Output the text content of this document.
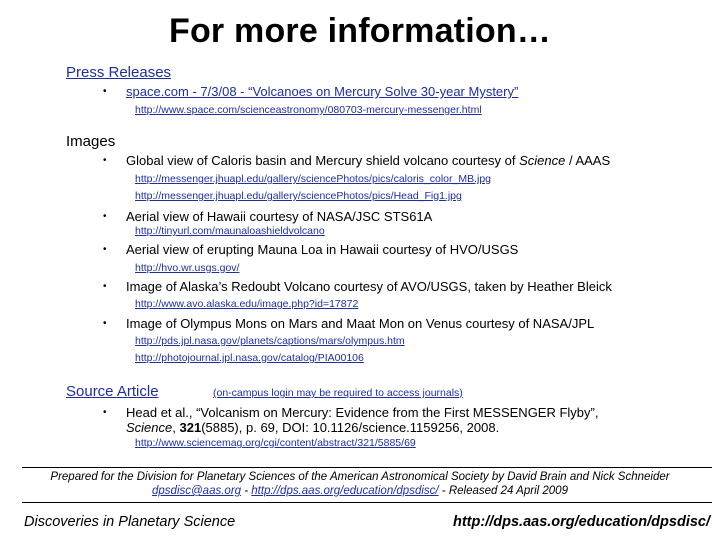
For more information…
Press Releases
• space.com - 7/3/08 - “Volcanoes on Mercury Solve 30-year Mystery”
http://www.space.com/scienceastronomy/080703-mercury-messenger.html
Images
• Global view of Caloris basin and Mercury shield volcano courtesy of Science / AAAS
http://messenger.jhuapl.edu/gallery/sciencePhotos/pics/caloris_color_MB.jpg
http://messenger.jhuapl.edu/gallery/sciencePhotos/pics/Head_Fig1.jpg
• Aerial view of Hawaii courtesy of NASA/JSC STS61A
http://tinyurl.com/maunaloashieldvolcano
• Aerial view of erupting Mauna Loa in Hawaii courtesy of HVO/USGS
http://hvo.wr.usgs.gov/
• Image of Alaska’s Redoubt Volcano courtesy of AVO/USGS, taken by Heather Bleick
http://www.avo.alaska.edu/image.php?id=17872
• Image of Olympus Mons on Mars and Maat Mon on Venus courtesy of NASA/JPL
http://pds.jpl.nasa.gov/planets/captions/mars/olympus.htm
http://photojournal.jpl.nasa.gov/catalog/PIA00106
Source Article	(on-campus login may be required to access journals)
• Head et al., “Volcanism on Mercury: Evidence from the First MESSENGER Flyby”,
Science, 321(5885), p. 69, DOI: 10.1126/science.1159256, 2008.
http://www.sciencemag.org/cgi/content/abstract/321/5885/69
Prepared for the Division for Planetary Sciences of the American Astronomical Society by David Brain and Nick Schneider
dpsdisc@aas.org - http://dps.aas.org/education/dpsdisc/ - Released 24 April 2009
Discoveries in Planetary Science	http://dps.aas.org/education/dpsdisc/
